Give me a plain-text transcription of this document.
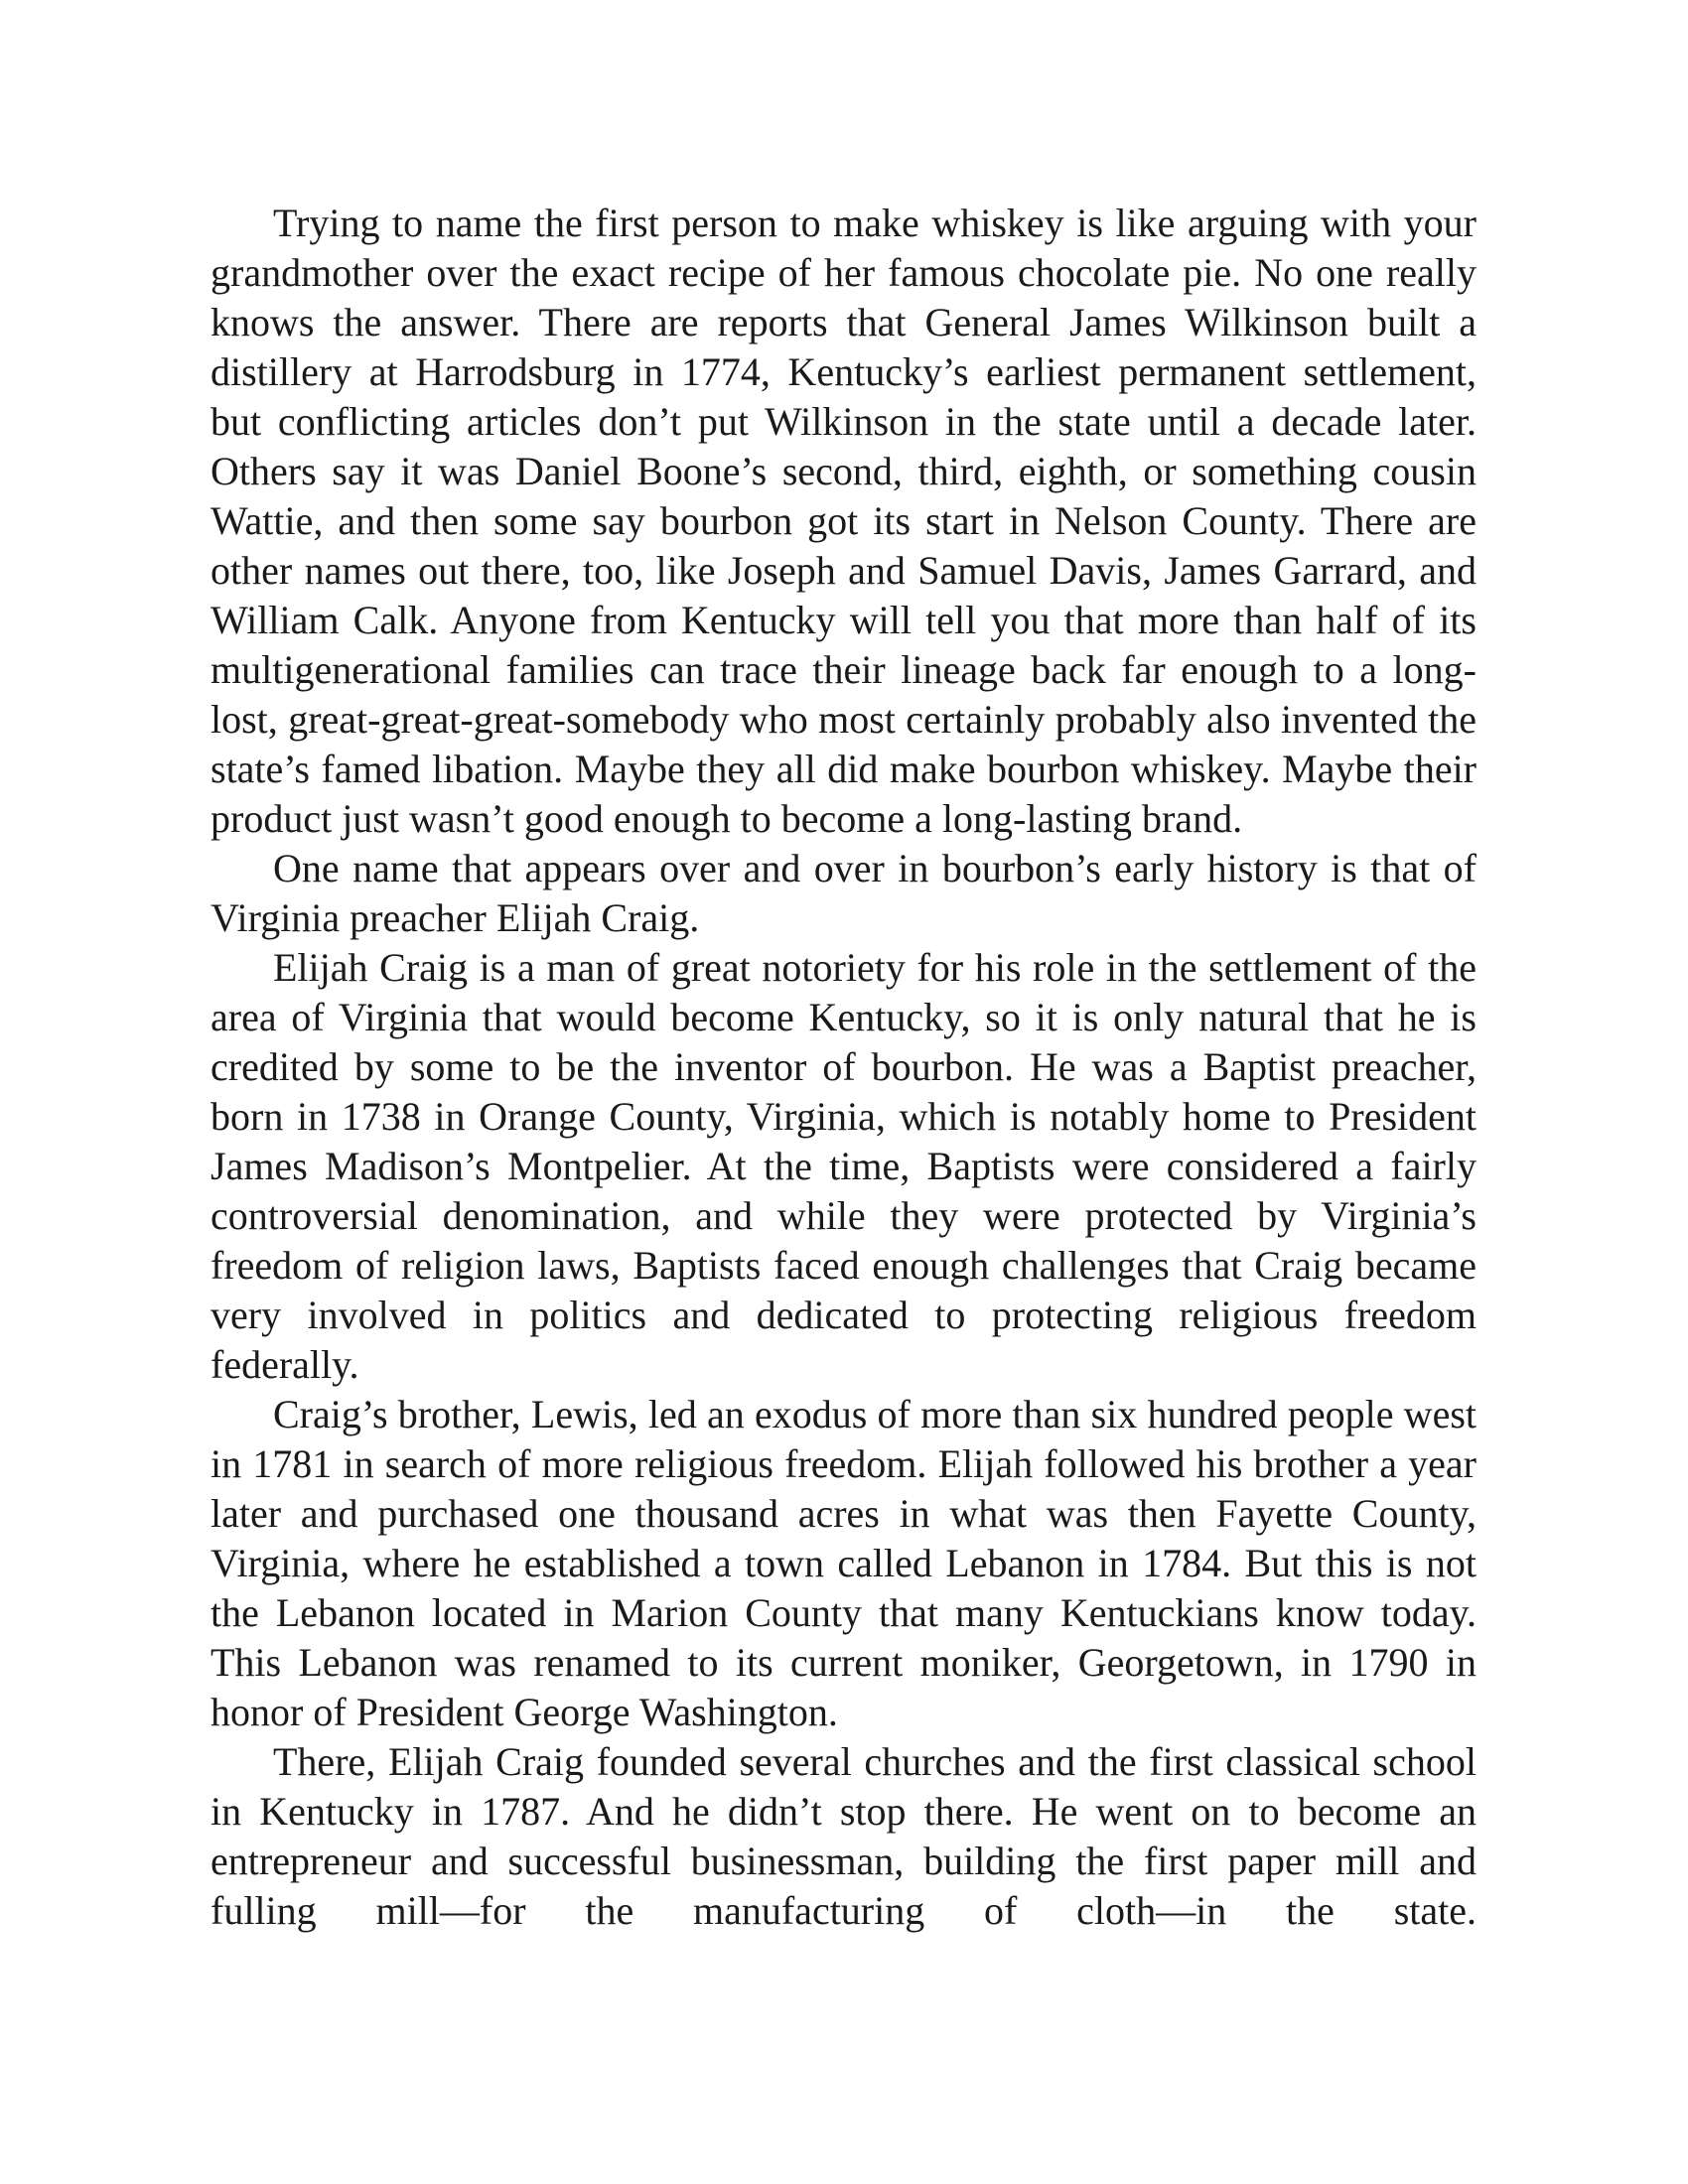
Trying to name the first person to make whiskey is like arguing with your grandmother over the exact recipe of her famous chocolate pie. No one really knows the answer. There are reports that General James Wilkinson built a distillery at Harrodsburg in 1774, Kentucky’s earliest permanent settlement, but conflicting articles don’t put Wilkinson in the state until a decade later. Others say it was Daniel Boone’s second, third, eighth, or something cousin Wattie, and then some say bourbon got its start in Nelson County. There are other names out there, too, like Joseph and Samuel Davis, James Garrard, and William Calk. Anyone from Kentucky will tell you that more than half of its multigenerational families can trace their lineage back far enough to a long-lost, great-great-great-somebody who most certainly probably also invented the state’s famed libation. Maybe they all did make bourbon whiskey. Maybe their product just wasn’t good enough to become a long-lasting brand.

One name that appears over and over in bourbon’s early history is that of Virginia preacher Elijah Craig.

Elijah Craig is a man of great notoriety for his role in the settlement of the area of Virginia that would become Kentucky, so it is only natural that he is credited by some to be the inventor of bourbon. He was a Baptist preacher, born in 1738 in Orange County, Virginia, which is notably home to President James Madison’s Montpelier. At the time, Baptists were considered a fairly controversial denomination, and while they were protected by Virginia’s freedom of religion laws, Baptists faced enough challenges that Craig became very involved in politics and dedicated to protecting religious freedom federally.

Craig’s brother, Lewis, led an exodus of more than six hundred people west in 1781 in search of more religious freedom. Elijah followed his brother a year later and purchased one thousand acres in what was then Fayette County, Virginia, where he established a town called Lebanon in 1784. But this is not the Lebanon located in Marion County that many Kentuckians know today. This Lebanon was renamed to its current moniker, Georgetown, in 1790 in honor of President George Washington.

There, Elijah Craig founded several churches and the first classical school in Kentucky in 1787. And he didn’t stop there. He went on to become an entrepreneur and successful businessman, building the first paper mill and fulling mill—for the manufacturing of cloth—in the state.
